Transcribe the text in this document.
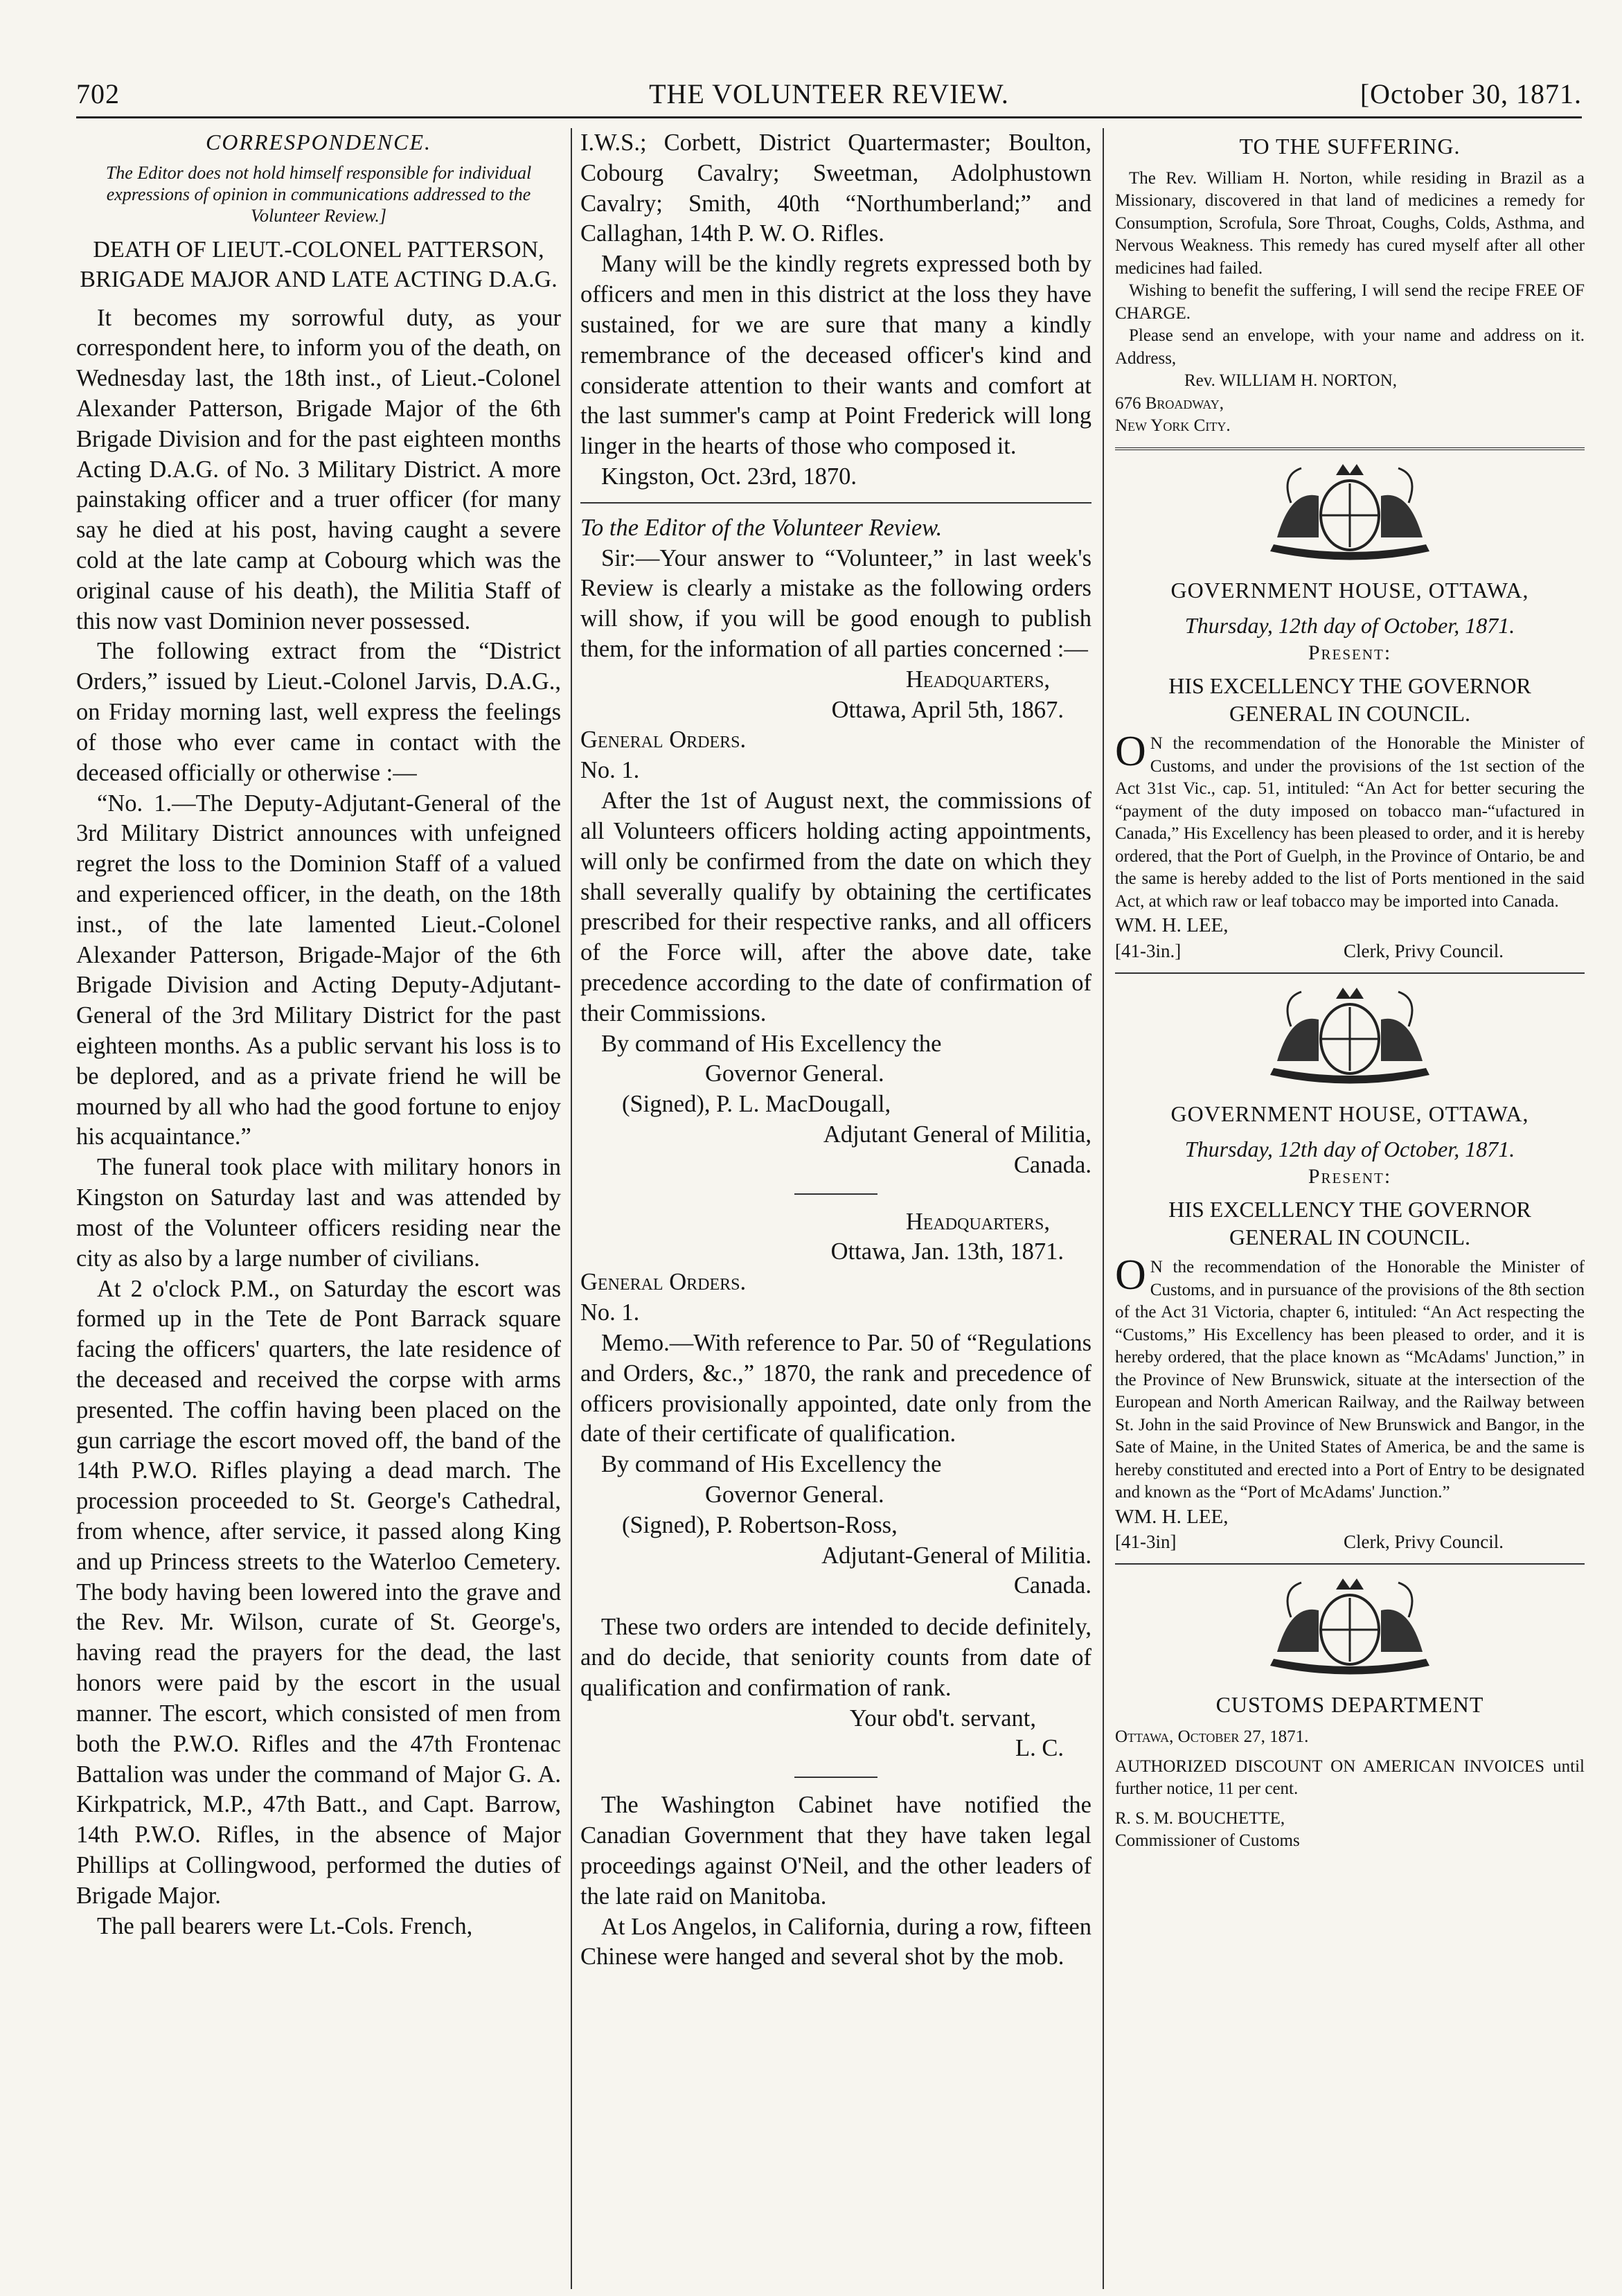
702	THE VOLUNTEER REVIEW.	[October 30, 1871.
CORRESPONDENCE.
The Editor does not hold himself responsible for individual expressions of opinion in communications addressed to the Volunteer Review.]
DEATH OF LIEUT.-COLONEL PATTERSON, BRIGADE MAJOR AND LATE ACTING D.A.G.

It becomes my sorrowful duty, as your correspondent here, to inform you of the death, on Wednesday last, the 18th inst., of Lieut.-Colonel Alexander Patterson, Brigade Major of the 6th Brigade Division and for the past eighteen months Acting D.A.G. of No. 3 Military District. A more painstaking officer and a truer officer (for many say he died at his post, having caught a severe cold at the late camp at Cobourg which was the original cause of his death), the Militia Staff of this now vast Dominion never possessed.

The following extract from the “District Orders,” issued by Lieut.-Colonel Jarvis, D.A.G., on Friday morning last, well express the feelings of those who ever came in contact with the deceased officially or otherwise :—

“No. 1.—The Deputy-Adjutant-General of the 3rd Military District announces with unfeigned regret the loss to the Dominion Staff of a valued and experienced officer, in the death, on the 18th inst., of the late lamented Lieut.-Colonel Alexander Patterson, Brigade-Major of the 6th Brigade Division and Acting Deputy-Adjutant-General of the 3rd Military District for the past eighteen months. As a public servant his loss is to be deplored, and as a private friend he will be mourned by all who had the good fortune to enjoy his acquaintance.”

The funeral took place with military honors in Kingston on Saturday last and was attended by most of the Volunteer officers residing near the city as also by a large number of civilians.

At 2 o'clock P.M., on Saturday the escort was formed up in the Tete de Pont Barrack square facing the officers' quarters, the late residence of the deceased and received the corpse with arms presented. The coffin having been placed on the gun carriage the escort moved off, the band of the 14th P.W.O. Rifles playing a dead march. The procession proceeded to St. George's Cathedral, from whence, after service, it passed along King and up Princess streets to the Waterloo Cemetery. The body having been lowered into the grave and the Rev. Mr. Wilson, curate of St. George's, having read the prayers for the dead, the last honors were paid by the escort in the usual manner. The escort, which consisted of men from both the P.W.O. Rifles and the 47th Frontenac Battalion was under the command of Major G. A. Kirkpatrick, M.P., 47th Batt., and Capt. Barrow, 14th P.W.O. Rifles, in the absence of Major Phillips at Collingwood, performed the duties of Brigade Major.

The pall bearers were Lt.-Cols. French,

I.W.S.; Corbett, District Quartermaster; Boulton, Cobourg Cavalry; Sweetman, Adolphustown Cavalry; Smith, 40th “Northumberland;” and Callaghan, 14th P. W. O. Rifles.

Many will be the kindly regrets expressed both by officers and men in this district at the loss they have sustained, for we are sure that many a kindly remembrance of the deceased officer's kind and considerate attention to their wants and comfort at the last summer's camp at Point Frederick will long linger in the hearts of those who composed it.

Kingston, Oct. 23rd, 1870.

To the Editor of the Volunteer Review.

Sir:—Your answer to “Volunteer,” in last week's Review is clearly a mistake as the following orders will show, if you will be good enough to publish them, for the information of all parties concerned :—

Headquarters,

Ottawa, April 5th, 1867.

General Orders.

No. 1.

After the 1st of August next, the commissions of all Volunteers officers holding acting appointments, will only be confirmed from the date on which they shall severally qualify by obtaining the certificates prescribed for their respective ranks, and all officers of the Force will, after the above date, take precedence according to the date of confirmation of their Commissions.

By command of His Excellency the

Governor General.

(Signed), P. L. MacDougall,

Adjutant General of Militia,

Canada.

Headquarters,

Ottawa, Jan. 13th, 1871.

General Orders.

No. 1.

Memo.—With reference to Par. 50 of “Regulations and Orders, &c.,” 1870, the rank and precedence of officers provisionally appointed, date only from the date of their certificate of qualification.

By command of His Excellency the

Governor General.

(Signed), P. Robertson-Ross,

Adjutant-General of Militia.

Canada.

These two orders are intended to decide definitely, and do decide, that seniority counts from date of qualification and confirmation of rank.

Your obd't. servant,

L. C.

The Washington Cabinet have notified the Canadian Government that they have taken legal proceedings against O'Neil, and the other leaders of the late raid on Manitoba.

At Los Angelos, in California, during a row, fifteen Chinese were hanged and several shot by the mob.

TO THE SUFFERING.

The Rev. William H. Norton, while residing in Brazil as a Missionary, discovered in that land of medicines a remedy for Consumption, Scrofula, Sore Throat, Coughs, Colds, Asthma, and Nervous Weakness. This remedy has cured myself after all other medicines had failed.

Wishing to benefit the suffering, I will send the recipe FREE OF CHARGE.

Please send an envelope, with your name and address on it. Address,

Rev. WILLIAM H. NORTON,

676 Broadway,

New York City.

GOVERNMENT HOUSE, OTTAWA,
Thursday, 12th day of October, 1871.
Present:
HIS EXCELLENCY THE GOVERNOR GENERAL IN COUNCIL.

O N the recommendation of the Honorable the Minister of Customs, and under the provisions of the 1st section of the Act 31st Vic., cap. 51, intituled: “An Act for better securing the “payment of the duty imposed on tobacco man-“ufactured in Canada,” His Excellency has been pleased to order, and it is hereby ordered, that the Port of Guelph, in the Province of Ontario, be and the same is hereby added to the list of Ports mentioned in the said Act, at which raw or leaf tobacco may be imported into Canada.

WM. H. LEE,

[41-3in.]	Clerk, Privy Council.
GOVERNMENT HOUSE, OTTAWA,
Thursday, 12th day of October, 1871.
Present:
HIS EXCELLENCY THE GOVERNOR GENERAL IN COUNCIL.

O N the recommendation of the Honorable the Minister of Customs, and in pursuance of the provisions of the 8th section of the Act 31 Victoria, chapter 6, intituled: “An Act respecting the “Customs,” His Excellency has been pleased to order, and it is hereby ordered, that the place known as “McAdams' Junction,” in the Province of New Brunswick, situate at the intersection of the European and North American Railway, and the Railway between St. John in the said Province of New Brunswick and Bangor, in the Sate of Maine, in the United States of America, be and the same is hereby constituted and erected into a Port of Entry to be designated and known as the “Port of McAdams' Junction.”

WM. H. LEE,

[41-3in]	Clerk, Privy Council.
CUSTOMS DEPARTMENT

Ottawa, October 27, 1871.

AUTHORIZED DISCOUNT ON AMERICAN INVOICES until further notice, 11 per cent.

R. S. M. BOUCHETTE,

Commissioner of Customs
